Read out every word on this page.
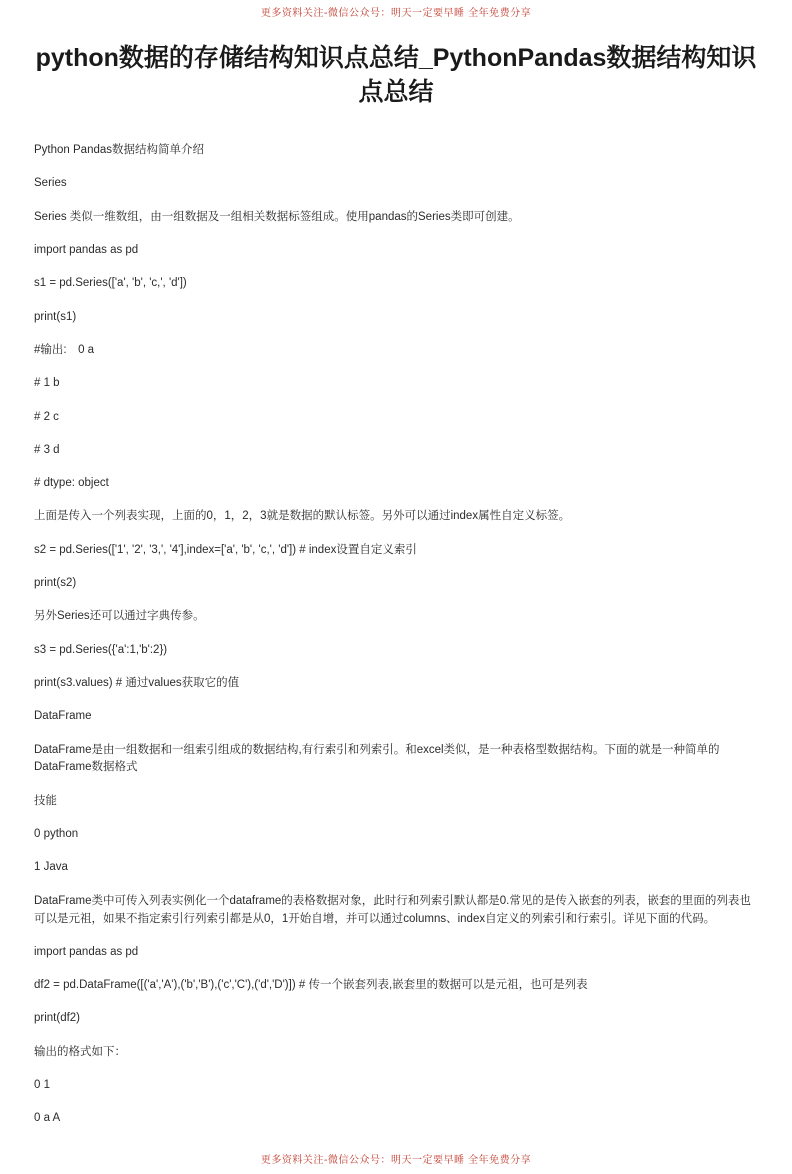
更多资料关注-微信公众号：明天一定要早睡 全年免费分享
python数据的存储结构知识点总结_PythonPandas数据结构知识点总结

Python Pandas数据结构简单介绍

Series

Series 类似一维数组，由一组数据及一组相关数据标签组成。使用pandas的Series类即可创建。

import pandas as pd

s1 = pd.Series(['a', 'b', 'c,', 'd'])

print(s1)

#输出:　0 a

# 1 b

# 2 c

# 3 d

# dtype: object

上面是传入一个列表实现，上面的0，1，2，3就是数据的默认标签。另外可以通过index属性自定义标签。

s2 = pd.Series(['1', '2', '3,', '4'],index=['a', 'b', 'c,', 'd']) # index设置自定义索引

print(s2)

另外Series还可以通过字典传参。

s3 = pd.Series({'a':1,'b':2})

print(s3.values) # 通过values获取它的值

DataFrame

DataFrame是由一组数据和一组索引组成的数据结构,有行索引和列索引。和excel类似，是一种表格型数据结构。下面的就是一种简单的DataFrame数据格式

技能

0 python

1 Java

DataFrame类中可传入列表实例化一个dataframe的表格数据对象，此时行和列索引默认都是0.常见的是传入嵌套的列表，嵌套的里面的列表也可以是元祖，如果不指定索引行列索引都是从0，1开始自增，并可以通过columns、index自定义的列索引和行索引。详见下面的代码。

import pandas as pd

df2 = pd.DataFrame([('a','A'),('b','B'),('c','C'),('d','D')]) # 传一个嵌套列表,嵌套里的数据可以是元祖，也可是列表

print(df2)

输出的格式如下：

0 1

0 a A

更多资料关注-微信公众号：明天一定要早睡 全年免费分享
